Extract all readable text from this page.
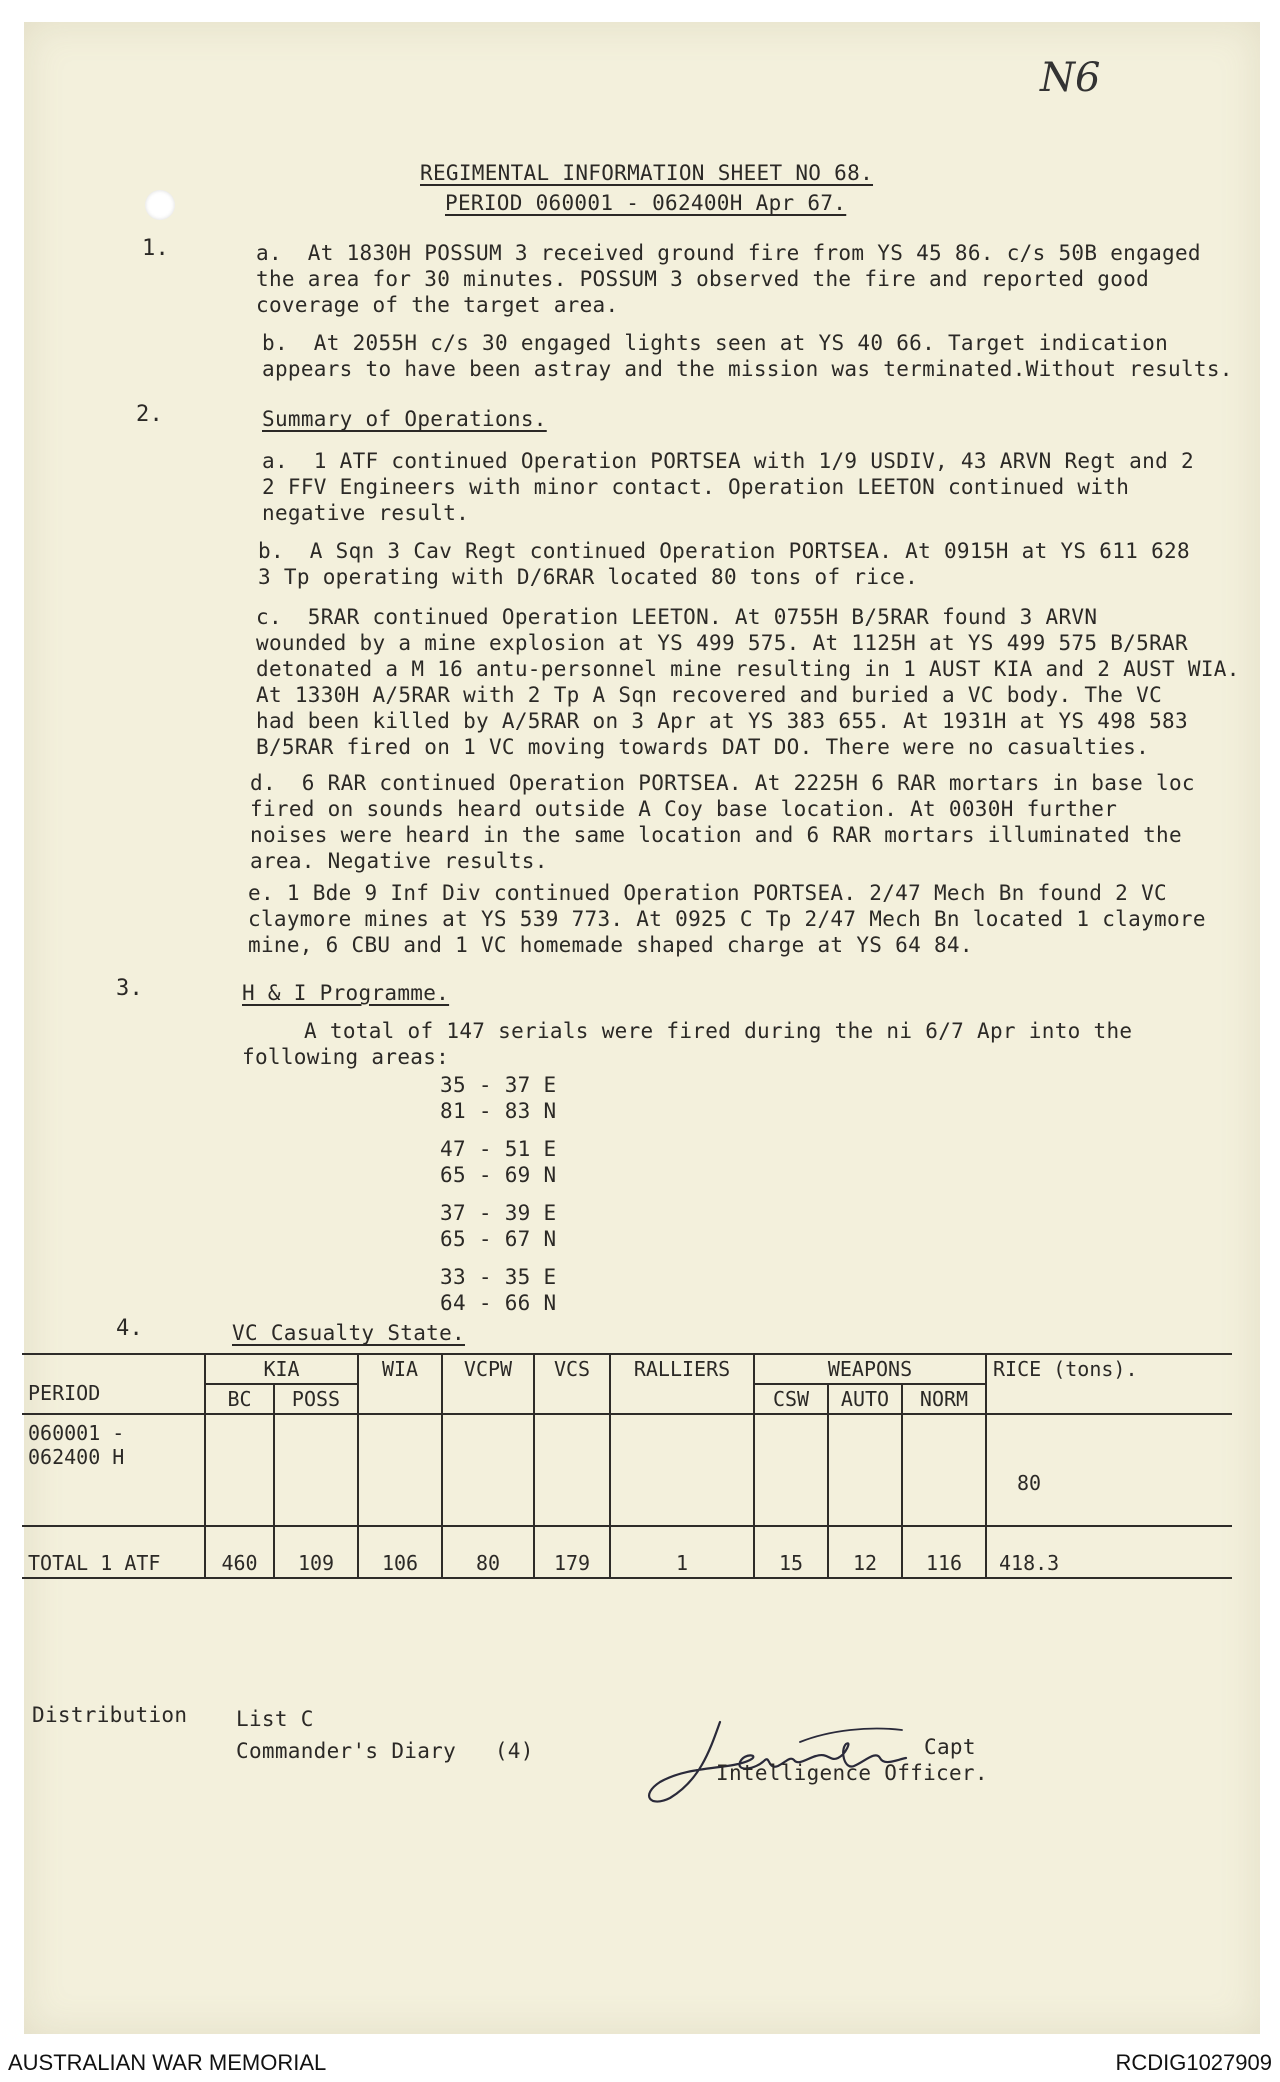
N6
REGIMENTAL INFORMATION SHEET NO 68.
PERIOD 060001 - 062400H Apr 67.
1.	a.  At 1830H POSSUM 3 received ground fire from YS 45 86. c/s 50B engaged
the area for 30 minutes. POSSUM 3 observed the fire and reported good
coverage of the target area.
b.  At 2055H c/s 30 engaged lights seen at YS 40 66. Target indication
appears to have been astray and the mission was terminated.Without results.
2.	Summary of Operations.
a.  1 ATF continued Operation PORTSEA with 1/9 USDIV, 43 ARVN Regt and 2
2 FFV Engineers with minor contact. Operation LEETON continued with
negative result.
b.  A Sqn 3 Cav Regt continued Operation PORTSEA. At 0915H at YS 611 628
3 Tp operating with D/6RAR located 80 tons of rice.
c.  5RAR continued Operation LEETON. At 0755H B/5RAR found 3 ARVN
wounded by a mine explosion at YS 499 575. At 1125H at YS 499 575 B/5RAR
detonated a M 16 antu-personnel mine resulting in 1 AUST KIA and 2 AUST WIA.
At 1330H A/5RAR with 2 Tp A Sqn recovered and buried a VC body. The VC
had been killed by A/5RAR on 3 Apr at YS 383 655. At 1931H at YS 498 583
B/5RAR fired on 1 VC moving towards DAT DO. There were no casualties.
d.  6 RAR continued Operation PORTSEA. At 2225H 6 RAR mortars in base loc
fired on sounds heard outside A Coy base location. At 0030H further
noises were heard in the same location and 6 RAR mortars illuminated the
area. Negative results.
e. 1 Bde 9 Inf Div continued Operation PORTSEA. 2/47 Mech Bn found 2 VC
claymore mines at YS 539 773. At 0925 C Tp 2/47 Mech Bn located 1 claymore
mine, 6 CBU and 1 VC homemade shaped charge at YS 64 84.
3.	H & I Programme.
A total of 147 serials were fired during the ni 6/7 Apr into the
following areas:
35 - 37 E
81 - 83 N
47 - 51 E
65 - 69 N
37 - 39 E
65 - 67 N
33 - 35 E
64 - 66 N
4.	VC Casualty State.
PERIOD	KIA		WIA	VCPW	VCS	RALLIERS	WEAPONS			RICE (tons).
	BC	POSS					CSW	AUTO	NORM	
060001 -
062400 H										80
TOTAL 1 ATF	460	109	106	80	179	1	15	12	116	418.3
Distribution List C
Commander's Diary   (4)	Capt
Intelligence Officer.
AUSTRALIAN WAR MEMORIAL	RCDIG1027909
